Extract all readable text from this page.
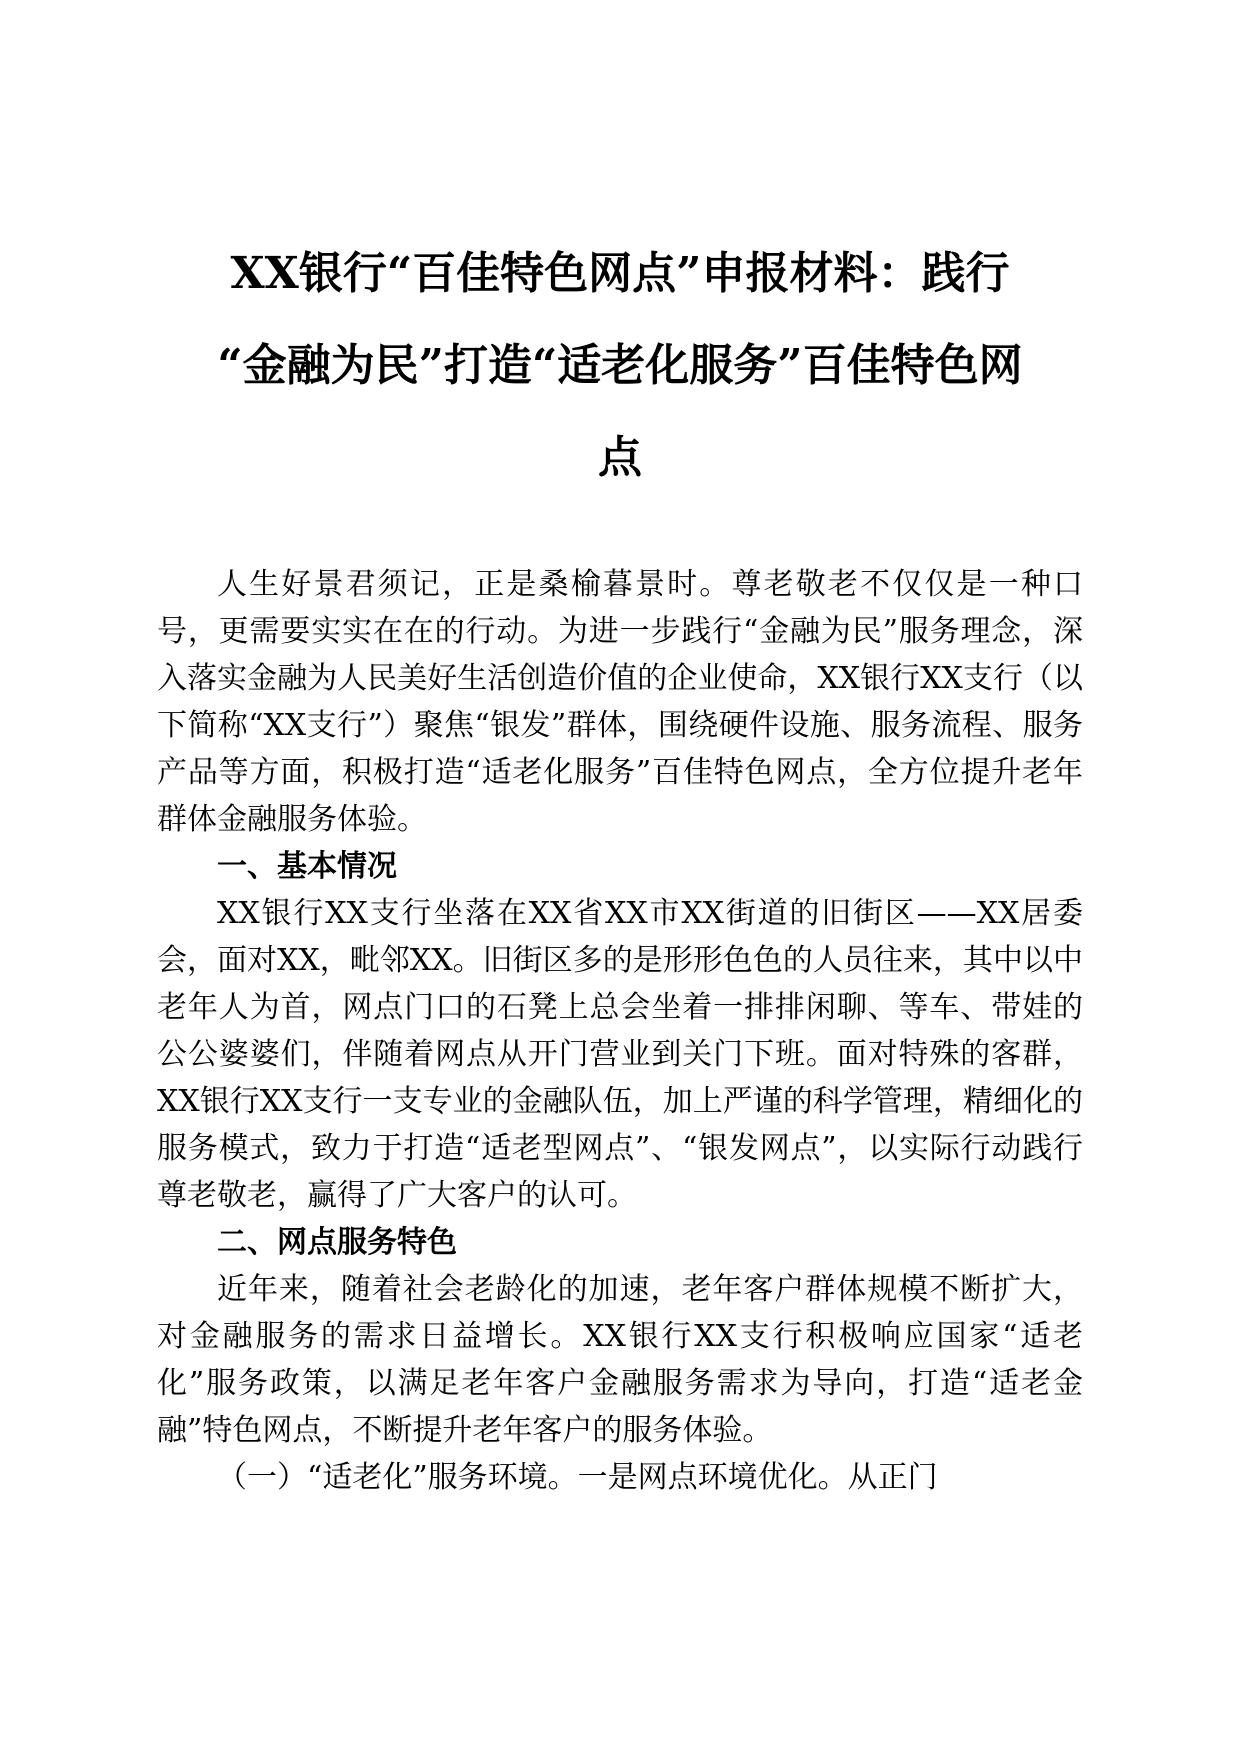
XX银行“百佳特色网点”申报材料：践行
“金融为民”打造“适老化服务”百佳特色网
点

人生好景君须记，正是桑榆暮景时。尊老敬老不仅仅是一种口号，更需要实实在在的行动。为进一步践行“金融为民”服务理念，深入落实金融为人民美好生活创造价值的企业使命，XX银行XX支行（以下简称“XX支行”）聚焦“银发”群体，围绕硬件设施、服务流程、服务产品等方面，积极打造“适老化服务”百佳特色网点，全方位提升老年群体金融服务体验。

一、基本情况

XX银行XX支行坐落在XX省XX市XX街道的旧街区——XX居委会，面对XX，毗邻XX。旧街区多的是形形色色的人员往来，其中以中老年人为首，网点门口的石凳上总会坐着一排排闲聊、等车、带娃的公公婆婆们，伴随着网点从开门营业到关门下班。面对特殊的客群，XX银行XX支行一支专业的金融队伍，加上严谨的科学管理，精细化的服务模式，致力于打造“适老型网点”、“银发网点”，以实际行动践行尊老敬老，赢得了广大客户的认可。

二、网点服务特色

近年来，随着社会老龄化的加速，老年客户群体规模不断扩大，对金融服务的需求日益增长。XX银行XX支行积极响应国家“适老化”服务政策，以满足老年客户金融服务需求为导向，打造“适老金融”特色网点，不断提升老年客户的服务体验。

（一）“适老化”服务环境。一是网点环境优化。从正门
